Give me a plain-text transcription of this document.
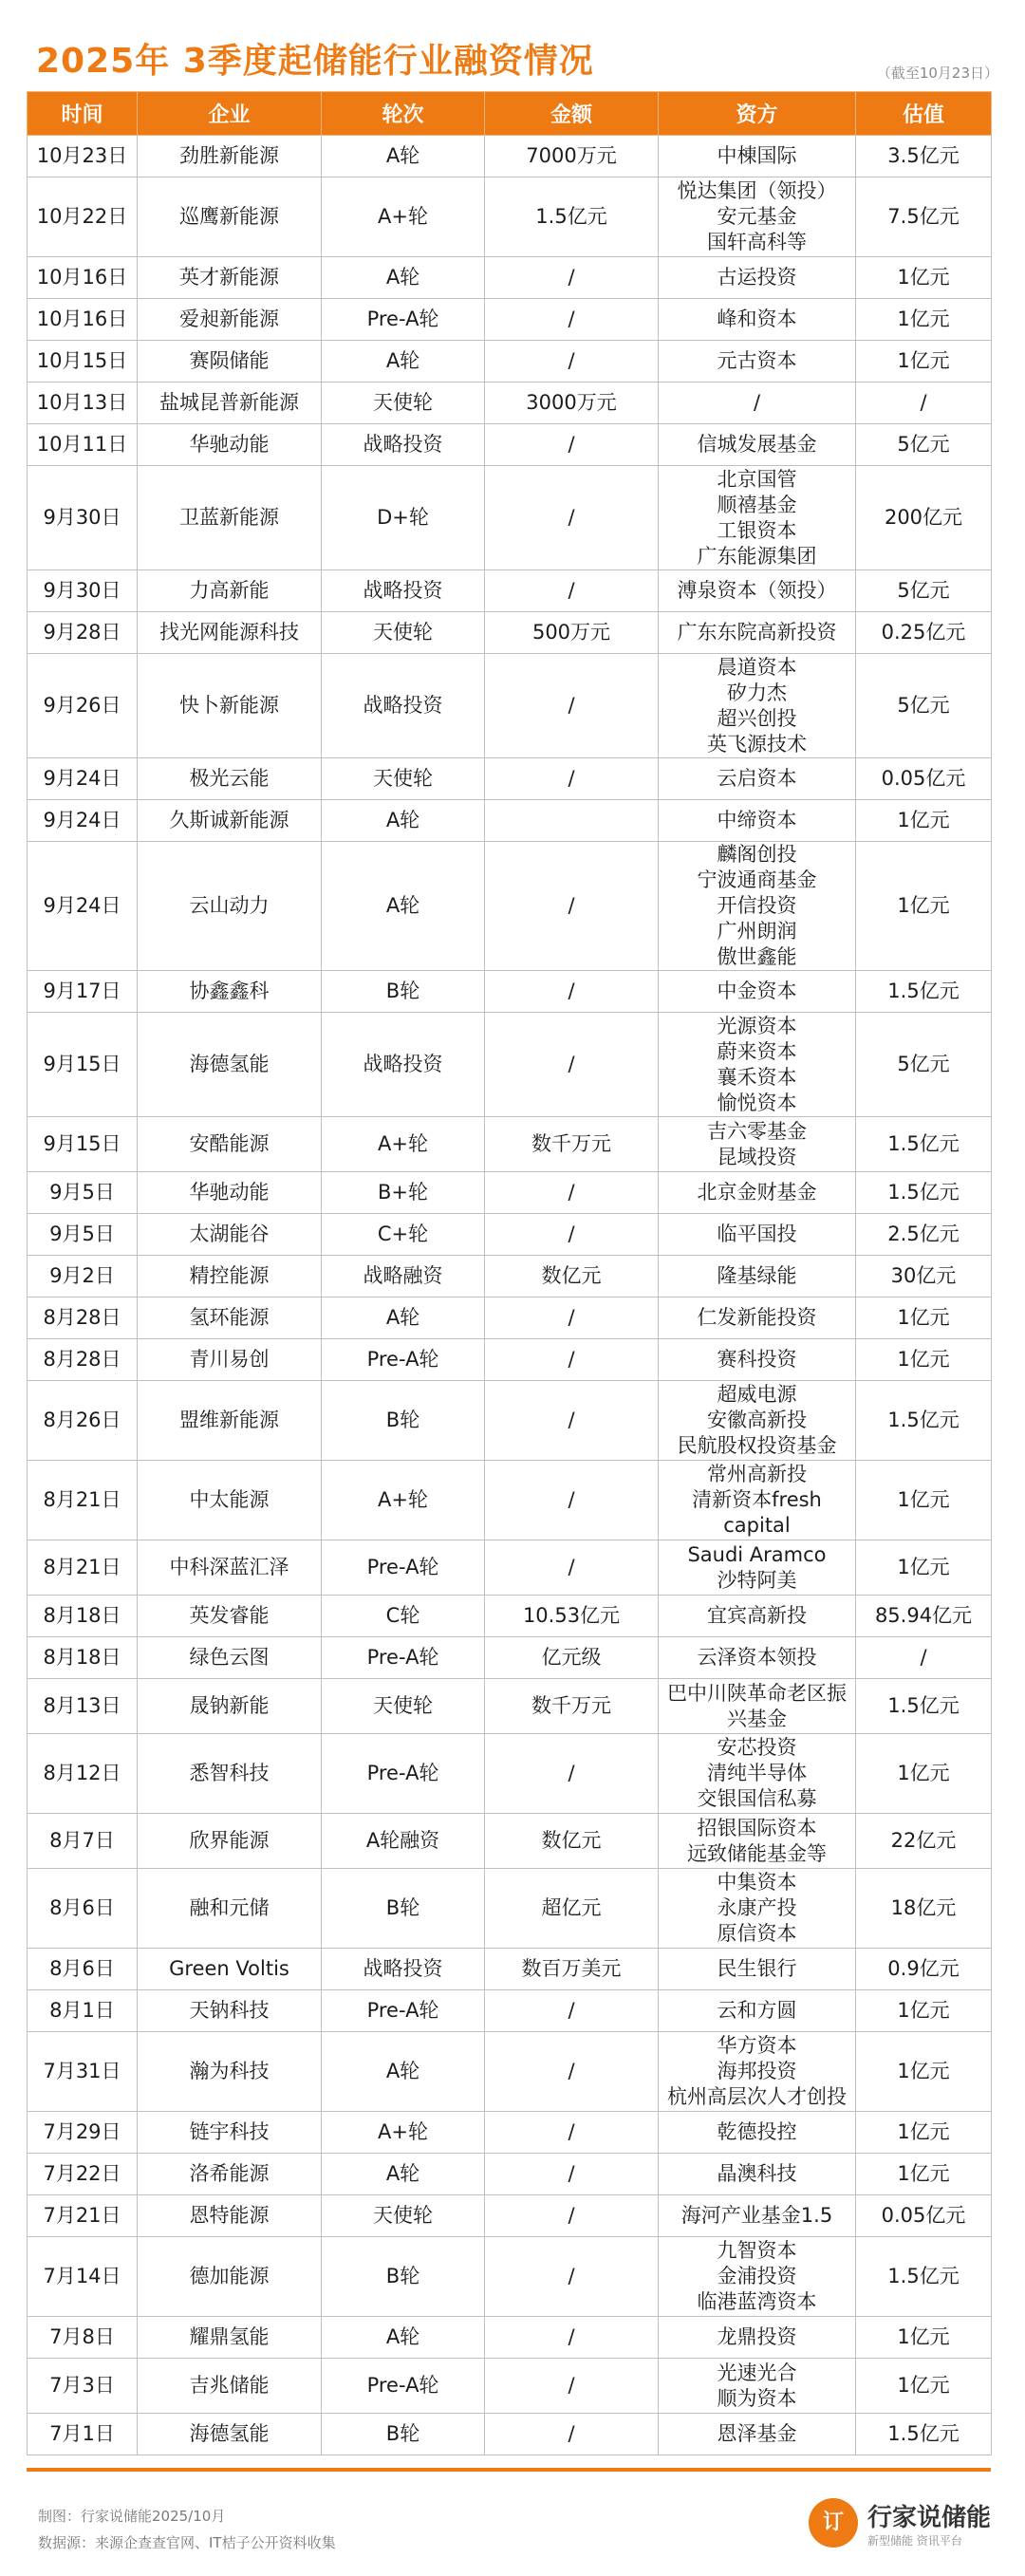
2025年 3季度起储能行业融资情况	（截至10月23日）
时间	企业	轮次	金额	资方	估值

10月23日	劲胜新能源	A轮	7000万元	中棟国际	3.5亿元

10月22日	巡鹰新能源	A+轮	1.5亿元	悦达集团（领投）
安元基金
国轩高科等	7.5亿元

10月16日	英才新能源	A轮	/	古运投资	1亿元

10月16日	爱昶新能源	Pre-A轮	/	峰和资本	1亿元

10月15日	赛陨储能	A轮	/	元古资本	1亿元

10月13日	盐城昆普新能源	天使轮	3000万元	/	/

10月11日	华驰动能	战略投资	/	信城发展基金	5亿元

9月30日	卫蓝新能源	D+轮	/	北京国管
顺禧基金
工银资本
广东能源集团	200亿元

9月30日	力高新能	战略投资	/	溥泉资本（领投）	5亿元

9月28日	找光网能源科技	天使轮	500万元	广东东院高新投资	0.25亿元

9月26日	快卜新能源	战略投资	/	晨道资本
矽力杰
超兴创投
英飞源技术	5亿元

9月24日	极光云能	天使轮	/	云启资本	0.05亿元

9月24日	久斯诚新能源	A轮		中缔资本	1亿元

9月24日	云山动力	A轮	/	麟阁创投
宁波通商基金
开信投资
广州朗润
傲世鑫能	1亿元

9月17日	协鑫鑫科	B轮	/	中金资本	1.5亿元

9月15日	海德氢能	战略投资	/	光源资本
蔚来资本
襄禾资本
愉悦资本	5亿元

9月15日	安酷能源	A+轮	数千万元	吉六零基金
昆域投资	1.5亿元

9月5日	华驰动能	B+轮	/	北京金财基金	1.5亿元

9月5日	太湖能谷	C+轮	/	临平国投	2.5亿元

9月2日	精控能源	战略融资	数亿元	隆基绿能	30亿元

8月28日	氢环能源	A轮	/	仁发新能投资	1亿元

8月28日	青川易创	Pre-A轮	/	赛科投资	1亿元

8月26日	盟维新能源	B轮	/	超威电源
安徽高新投
民航股权投资基金	1.5亿元

8月21日	中太能源	A+轮	/	常州高新投
清新资本fresh
capital	1亿元

8月21日	中科深蓝汇泽	Pre-A轮	/	Saudi Aramco
沙特阿美	1亿元

8月18日	英发睿能	C轮	10.53亿元	宜宾高新投	85.94亿元

8月18日	绿色云图	Pre-A轮	亿元级	云泽资本领投	/

8月13日	晟钠新能	天使轮	数千万元	巴中川陕革命老区振
兴基金	1.5亿元

8月12日	悉智科技	Pre-A轮	/	安芯投资
清纯半导体
交银国信私募	1亿元

8月7日	欣界能源	A轮融资	数亿元	招银国际资本
远致储能基金等	22亿元

8月6日	融和元储	B轮	超亿元	中集资本
永康产投
原信资本	18亿元

8月6日	Green Voltis	战略投资	数百万美元	民生银行	0.9亿元

8月1日	天钠科技	Pre-A轮	/	云和方圆	1亿元

7月31日	瀚为科技	A轮	/	华方资本
海邦投资
杭州高层次人才创投	1亿元

7月29日	链宇科技	A+轮	/	乾德投控	1亿元

7月22日	洛希能源	A轮	/	晶澳科技	1亿元

7月21日	恩特能源	天使轮	/	海河产业基金1.5	0.05亿元

7月14日	德加能源	B轮	/	九智资本
金浦投资
临港蓝湾资本	1.5亿元

7月8日	耀鼎氢能	A轮	/	龙鼎投资	1亿元

7月3日	吉兆储能	Pre-A轮	/	光速光合
顺为资本	1亿元

7月1日	海德氢能	B轮	/	恩泽基金	1.5亿元
制图：行家说储能2025/10月
数据源：来源企查查官网、IT桔子公开资料收集
订 行家说储能
新型储能 资讯平台
